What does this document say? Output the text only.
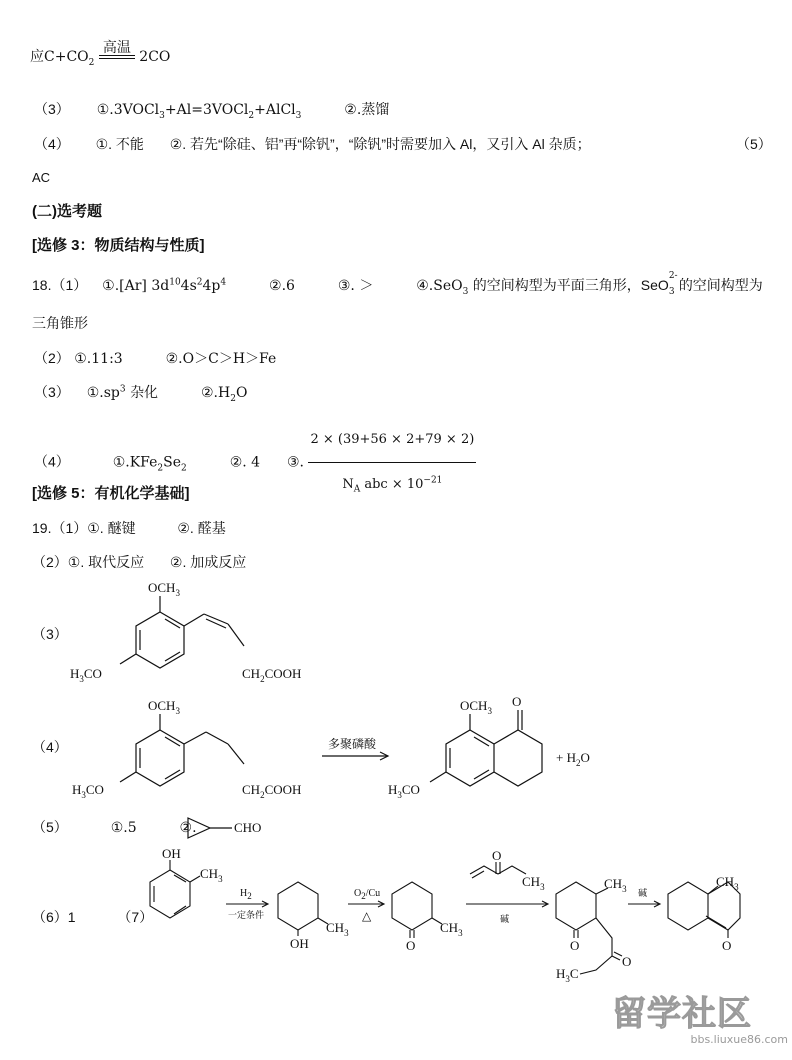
应$C+CO_2$
高温
2CO
（3） ①.3VOCl$_3$+Al=3VOCl$_2$+AlCl$_3$	②.蒸馏
（4） ①. 不能 ②. 若先“除硅、铝”再“除钒”，“除钒”时需要加入 Al，又引入 Al 杂质；	（5）
AC
(二)选考题
[选修 3：物质结构与性质]
18.（1） ①.[Ar] $3d^{10}4s^24p^4$	②.6	③. ＞	④.SeO$_3$ 的空间构型为平面三角形，SeO
2-
3 的空间构型为
三角锥形
（2） ①.11:3	②.O＞C＞H＞Fe
（3） $①.sp^3$ 杂化	$②.H_2O$
（4）	$①.KFe_2Se_2$	②. 4 ③. $\frac{2 \times (39+56 \times 2+79 \times 2)}{N_A abc \times 10^{-21}}$
[选修 5：有机化学基础]
19.（1）①. 醚键	②. 醛基
（2）①. 取代反应 ②. 加成反应
（3）
$OCH_3$
$H_3CO$	$CH_2COOH$
（4）
$OCH_3$
$H_3CO$	$CH_2COOH$
多聚磷酸
$OCH_3$
O
$H_3CO$
+ $H_2O$
（5）	①.5	②.	CHO
（6）1	（7）
OH
$CH_3$
H2
一定条件
OH
$CH_3$
O2/Cu
△
O
$CH_3$
O
$CH_3$
碱
O
$CH_3$
O
$H_3C$
碱
$CH_3$
O
留学社区
bbs.liuxue86.com
